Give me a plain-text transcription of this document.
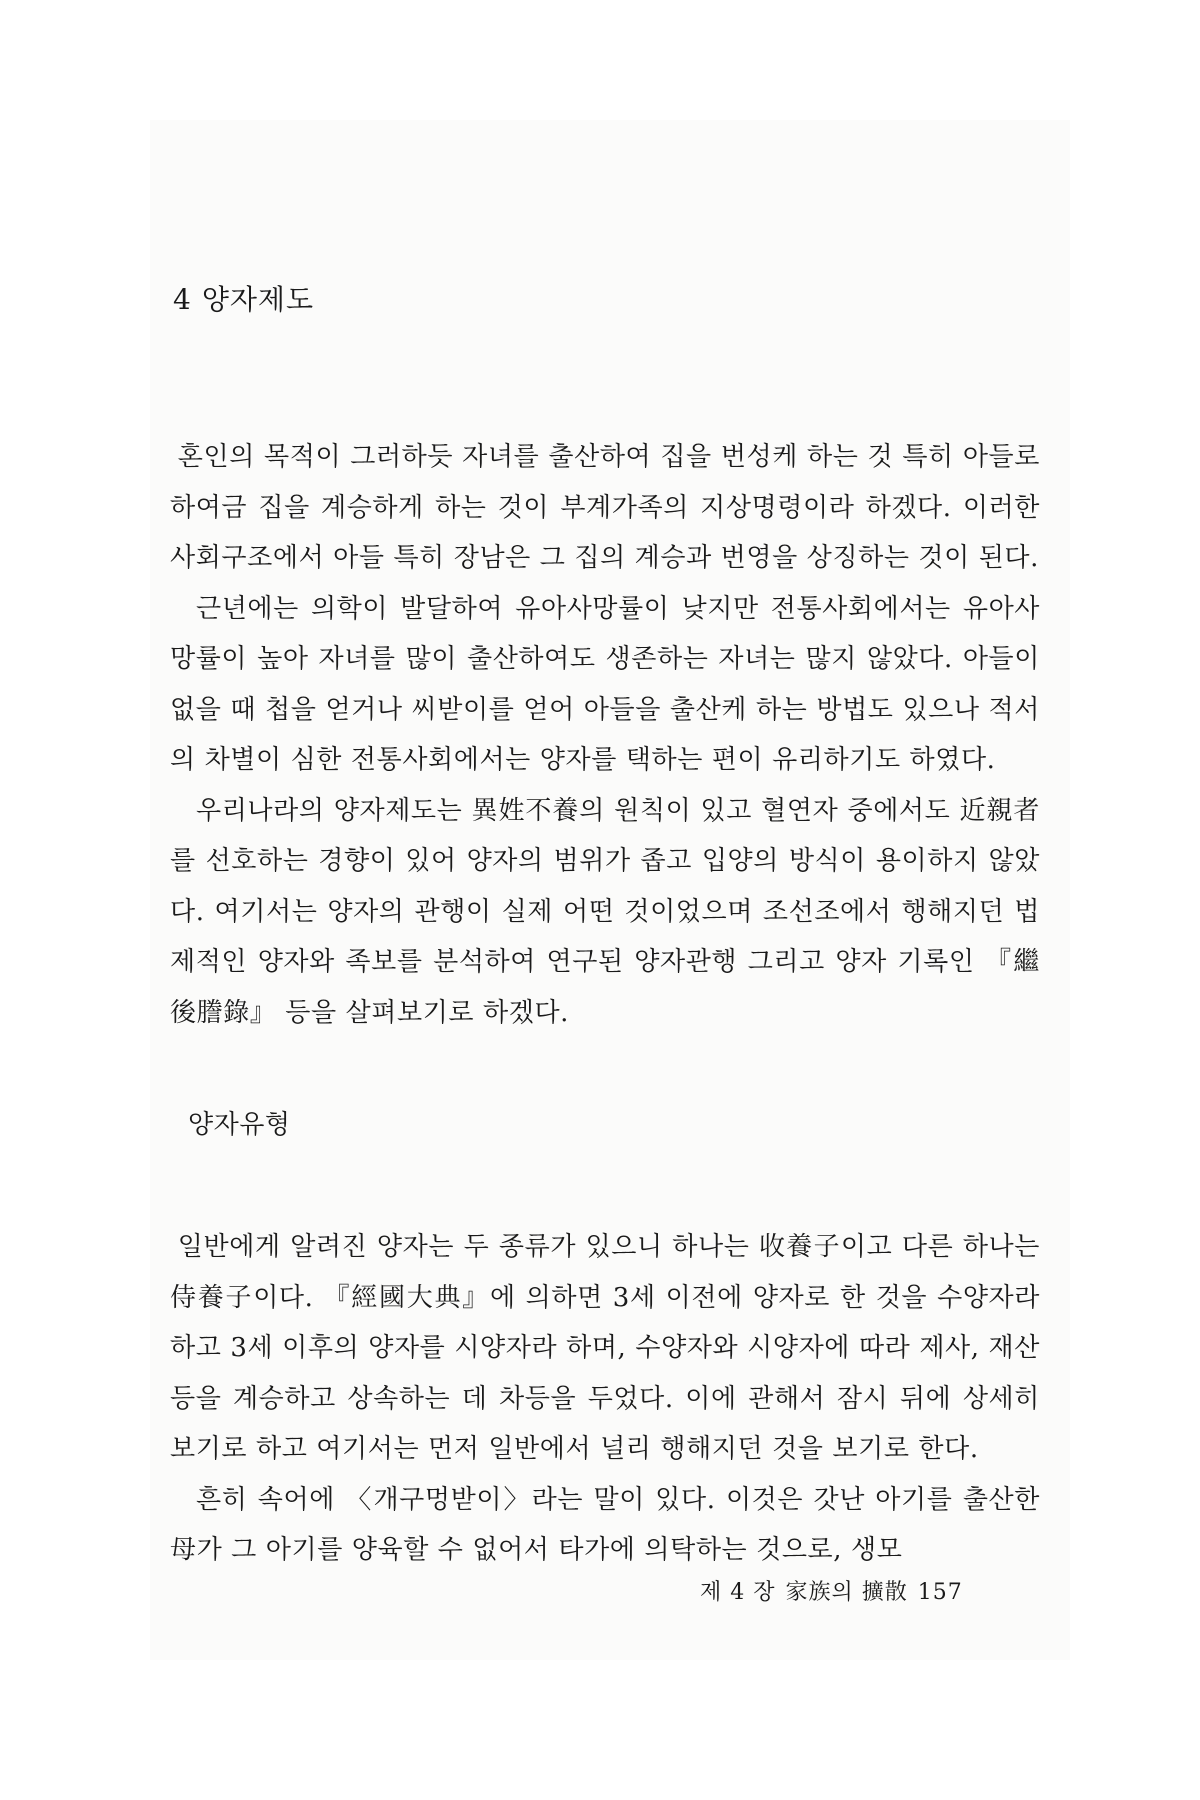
4 양자제도

혼인의 목적이 그러하듯 자녀를 출산하여 집을 번성케 하는 것 특히 아들로 하여금 집을 계승하게 하는 것이 부계가족의 지상명령이라 하겠다. 이러한 사회구조에서 아들 특히 장남은 그 집의 계승과 번영을 상징하는 것이 된다.

근년에는 의학이 발달하여 유아사망률이 낮지만 전통사회에서는 유아사망률이 높아 자녀를 많이 출산하여도 생존하는 자녀는 많지 않았다. 아들이 없을 때 첩을 얻거나 씨받이를 얻어 아들을 출산케 하는 방법도 있으나 적서의 차별이 심한 전통사회에서는 양자를 택하는 편이 유리하기도 하였다.

우리나라의 양자제도는 異姓不養의 원칙이 있고 혈연자 중에서도 近親者를 선호하는 경향이 있어 양자의 범위가 좁고 입양의 방식이 용이하지 않았다. 여기서는 양자의 관행이 실제 어떤 것이었으며 조선조에서 행해지던 법제적인 양자와 족보를 분석하여 연구된 양자관행 그리고 양자 기록인 『繼後謄錄』 등을 살펴보기로 하겠다.

양자유형

일반에게 알려진 양자는 두 종류가 있으니 하나는 收養子이고 다른 하나는 侍養子이다. 『經國大典』에 의하면 3세 이전에 양자로 한 것을 수양자라 하고 3세 이후의 양자를 시양자라 하며, 수양자와 시양자에 따라 제사, 재산 등을 계승하고 상속하는 데 차등을 두었다. 이에 관해서 잠시 뒤에 상세히 보기로 하고 여기서는 먼저 일반에서 널리 행해지던 것을 보기로 한다.

흔히 속어에 〈개구멍받이〉라는 말이 있다. 이것은 갓난 아기를 출산한 母가 그 아기를 양육할 수 없어서 타가에 의탁하는 것으로, 생모

제 4 장 家族의 擴散 157
